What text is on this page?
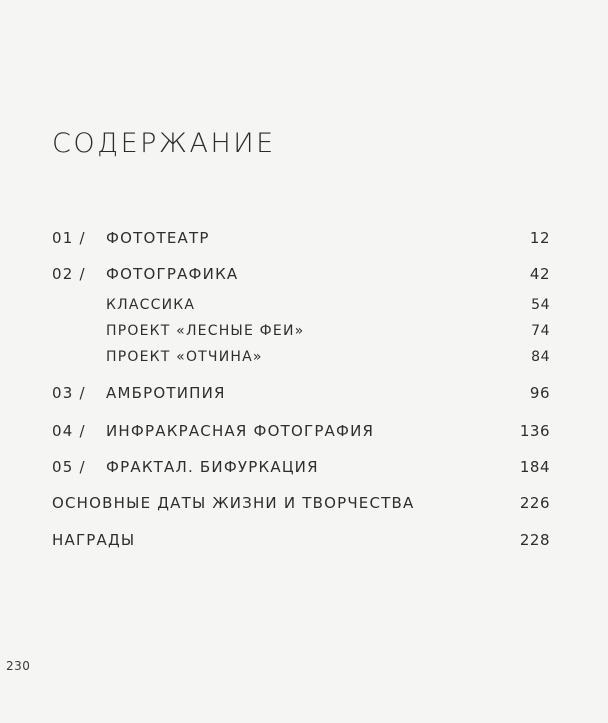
СОДЕРЖАНИЕ
01 / ФОТОТЕАТР	12
02 / ФОТОГРАФИКА	42
КЛАССИКА	54
ПРОЕКТ «ЛЕСНЫЕ ФЕИ»	74
ПРОЕКТ «ОТЧИНА»	84
03 / АМБРОТИПИЯ	96
04 / ИНФРАКРАСНАЯ ФОТОГРАФИЯ	136
05 / ФРАКТАЛ. БИФУРКАЦИЯ	184
ОСНОВНЫЕ ДАТЫ ЖИЗНИ И ТВОРЧЕСТВА	226
НАГРАДЫ	228
230
